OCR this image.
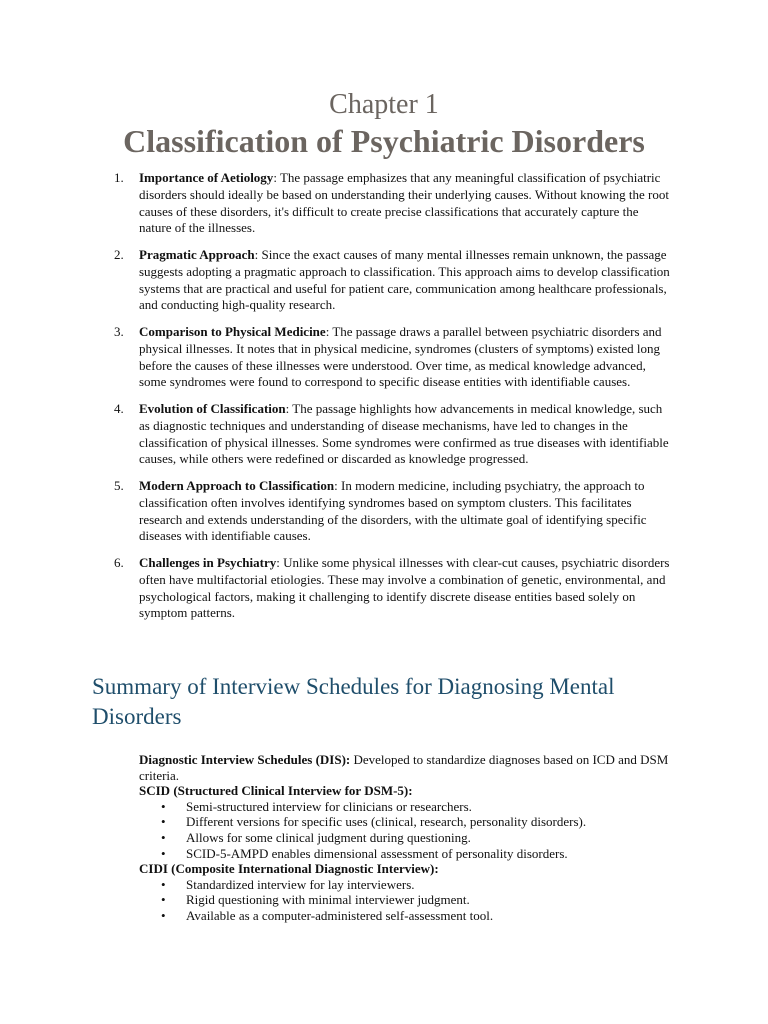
Chapter 1
Classification of Psychiatric Disorders
1. Importance of Aetiology: The passage emphasizes that any meaningful classification of psychiatric disorders should ideally be based on understanding their underlying causes. Without knowing the root causes of these disorders, it's difficult to create precise classifications that accurately capture the nature of the illnesses.
2. Pragmatic Approach: Since the exact causes of many mental illnesses remain unknown, the passage suggests adopting a pragmatic approach to classification. This approach aims to develop classification systems that are practical and useful for patient care, communication among healthcare professionals, and conducting high-quality research.
3. Comparison to Physical Medicine: The passage draws a parallel between psychiatric disorders and physical illnesses. It notes that in physical medicine, syndromes (clusters of symptoms) existed long before the causes of these illnesses were understood. Over time, as medical knowledge advanced, some syndromes were found to correspond to specific disease entities with identifiable causes.
4. Evolution of Classification: The passage highlights how advancements in medical knowledge, such as diagnostic techniques and understanding of disease mechanisms, have led to changes in the classification of physical illnesses. Some syndromes were confirmed as true diseases with identifiable causes, while others were redefined or discarded as knowledge progressed.
5. Modern Approach to Classification: In modern medicine, including psychiatry, the approach to classification often involves identifying syndromes based on symptom clusters. This facilitates research and extends understanding of the disorders, with the ultimate goal of identifying specific diseases with identifiable causes.
6. Challenges in Psychiatry: Unlike some physical illnesses with clear-cut causes, psychiatric disorders often have multifactorial etiologies. These may involve a combination of genetic, environmental, and psychological factors, making it challenging to identify discrete disease entities based solely on symptom patterns.
Summary of Interview Schedules for Diagnosing Mental Disorders

Diagnostic Interview Schedules (DIS): Developed to standardize diagnoses based on ICD and DSM criteria.

SCID (Structured Clinical Interview for DSM-5):

• Semi-structured interview for clinicians or researchers.
• Different versions for specific uses (clinical, research, personality disorders).
• Allows for some clinical judgment during questioning.
• SCID-5-AMPD enables dimensional assessment of personality disorders.

CIDI (Composite International Diagnostic Interview):

• Standardized interview for lay interviewers.
• Rigid questioning with minimal interviewer judgment.
• Available as a computer-administered self-assessment tool.
